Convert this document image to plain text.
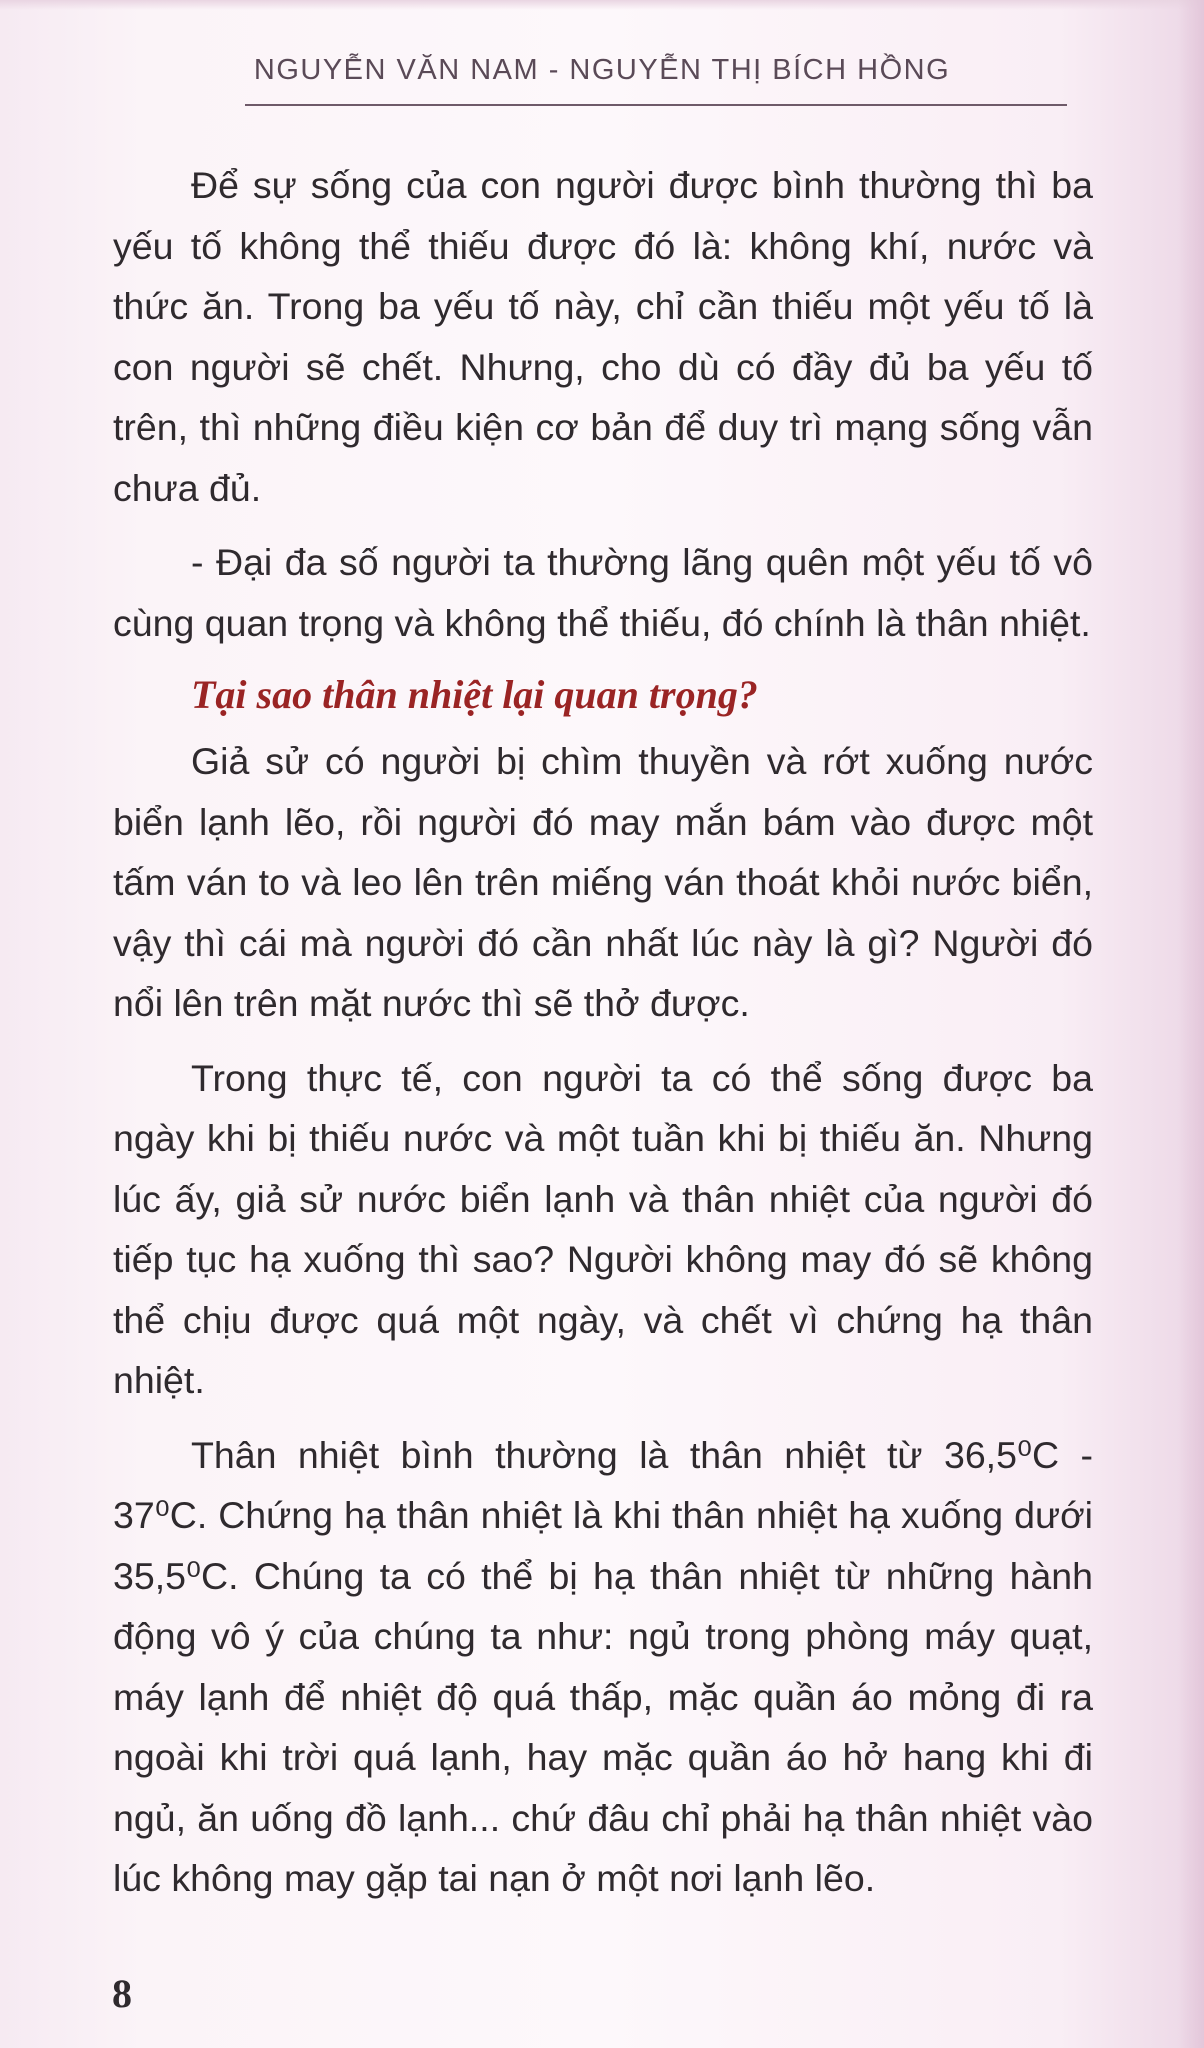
NGUYỄN VĂN NAM - NGUYỄN THỊ BÍCH HỒNG

Để sự sống của con người được bình thường thì ba yếu tố không thể thiếu được đó là: không khí, nước và thức ăn. Trong ba yếu tố này, chỉ cần thiếu một yếu tố là con người sẽ chết. Nhưng, cho dù có đầy đủ ba yếu tố trên, thì những điều kiện cơ bản để duy trì mạng sống vẫn chưa đủ.

- Đại đa số người ta thường lãng quên một yếu tố vô cùng quan trọng và không thể thiếu, đó chính là thân nhiệt.

Tại sao thân nhiệt lại quan trọng?

Giả sử có người bị chìm thuyền và rớt xuống nước biển lạnh lẽo, rồi người đó may mắn bám vào được một tấm ván to và leo lên trên miếng ván thoát khỏi nước biển, vậy thì cái mà người đó cần nhất lúc này là gì? Người đó nổi lên trên mặt nước thì sẽ thở được.

Trong thực tế, con người ta có thể sống được ba ngày khi bị thiếu nước và một tuần khi bị thiếu ăn. Nhưng lúc ấy, giả sử nước biển lạnh và thân nhiệt của người đó tiếp tục hạ xuống thì sao? Người không may đó sẽ không thể chịu được quá một ngày, và chết vì chứng hạ thân nhiệt.

Thân nhiệt bình thường là thân nhiệt từ 36,5⁰C - 37⁰C. Chứng hạ thân nhiệt là khi thân nhiệt hạ xuống dưới 35,5⁰C. Chúng ta có thể bị hạ thân nhiệt từ những hành động vô ý của chúng ta như: ngủ trong phòng máy quạt, máy lạnh để nhiệt độ quá thấp, mặc quần áo mỏng đi ra ngoài khi trời quá lạnh, hay mặc quần áo hở hang khi đi ngủ, ăn uống đồ lạnh... chứ đâu chỉ phải hạ thân nhiệt vào lúc không may gặp tai nạn ở một nơi lạnh lẽo.

8
